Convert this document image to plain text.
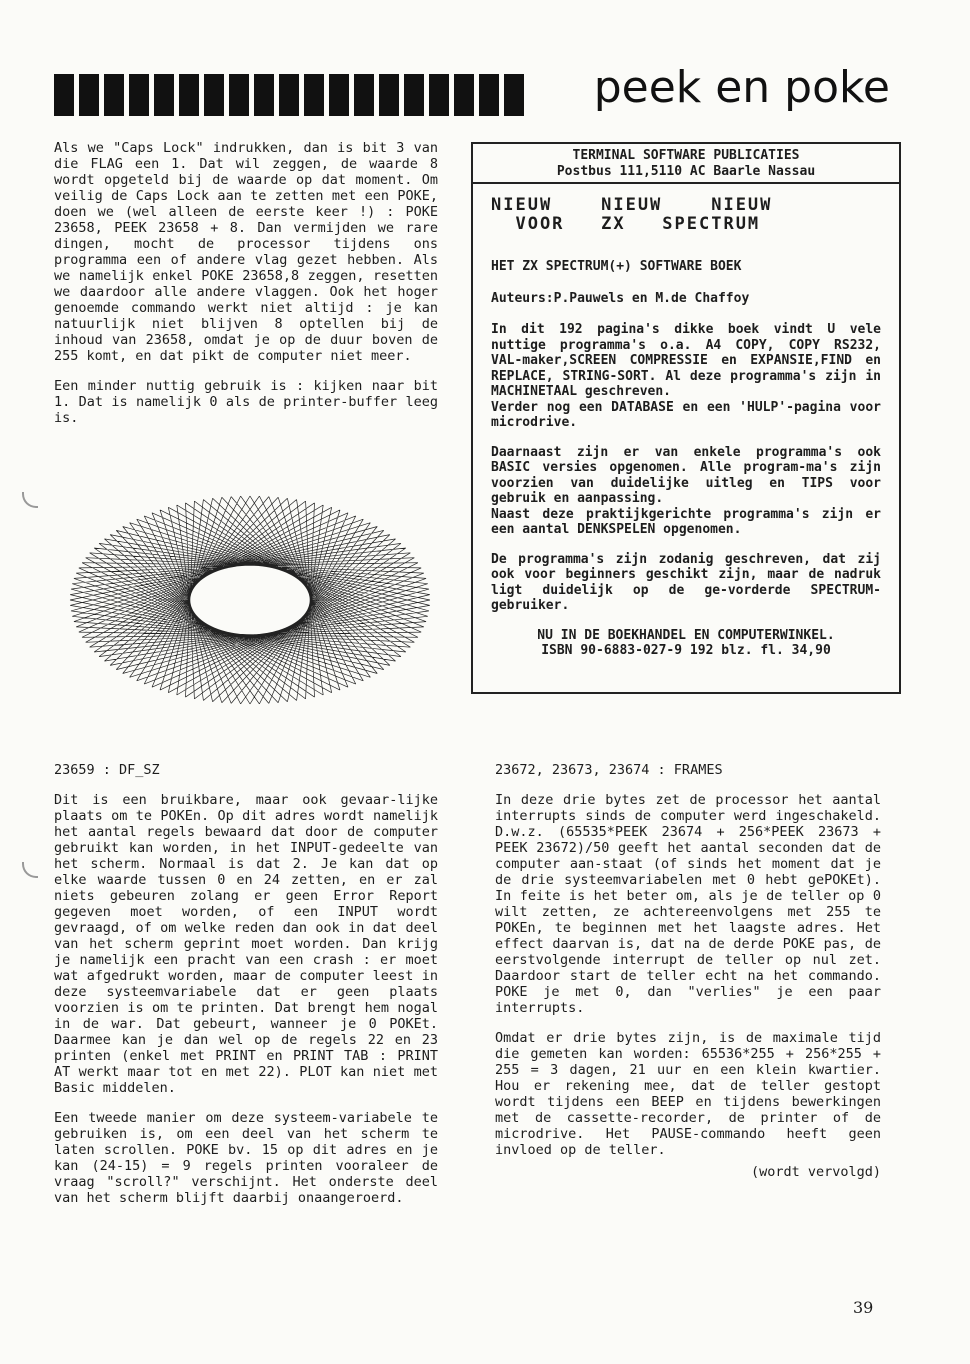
peek en poke

Als we "Caps Lock" indrukken, dan is bit 3 van die FLAG een 1. Dat wil zeggen, de waarde 8 wordt opgeteld bij de waarde op dat moment. Om veilig de Caps Lock aan te zetten met een POKE, doen we (wel alleen de eerste keer !) : POKE 23658, PEEK 23658 + 8. Dan vermijden we rare dingen, mocht de processor tijdens ons programma een of andere vlag gezet hebben. Als we namelijk enkel POKE 23658,8 zeggen, resetten we daardoor alle andere vlaggen. Ook het hoger genoemde commando werkt niet altijd : je kan natuurlijk niet blijven 8 optellen bij de inhoud van 23658, omdat je op de duur boven de 255 komt, en dat pikt de computer niet meer.

Een minder nuttig gebruik is : kijken naar bit 1. Dat is namelijk 0 als de printer-buffer leeg is.

TERMINAL SOFTWARE PUBLICATIES

Postbus 111,5110 AC Baarle Nassau

NIEUW    NIEUW    NIEUW
VOOR   ZX   SPECTRUM

HET ZX SPECTRUM(+) SOFTWARE BOEK

Auteurs:P.Pauwels en M.de Chaffoy

In dit 192 pagina's dikke boek vindt U vele nuttige programma's o.a. A4 COPY, COPY RS232, VAL-maker,SCREEN COMPRESSIE en EXPANSIE,FIND en REPLACE, STRING-SORT. Al deze programma's zijn in MACHINETAAL geschreven.

Verder nog een DATABASE en een 'HULP'-pagina voor microdrive.

Daarnaast zijn er van enkele programma's ook BASIC versies opgenomen. Alle program-ma's zijn voorzien van duidelijke uitleg en TIPS voor gebruik en aanpassing.

Naast deze praktijkgerichte programma's zijn er een aantal DENKSPELEN opgenomen.

De programma's zijn zodanig geschreven, dat zij ook voor beginners geschikt zijn, maar de nadruk ligt duidelijk op de ge-vorderde SPECTRUM-gebruiker.

NU IN DE BOEKHANDEL EN COMPUTERWINKEL.

ISBN 90-6883-027-9 192 blz. fl. 34,90

23659 : DF_SZ

Dit is een bruikbare, maar ook gevaar-lijke plaats om te POKEn. Op dit adres wordt namelijk het aantal regels bewaard dat door de computer gebruikt kan worden, in het INPUT-gedeelte van het scherm. Normaal is dat 2. Je kan dat op elke waarde tussen 0 en 24 zetten, en er zal niets gebeuren zolang er geen Error Report gegeven moet worden, of een INPUT wordt gevraagd, of om welke reden dan ook in dat deel van het scherm geprint moet worden. Dan krijg je namelijk een pracht van een crash : er moet wat afgedrukt worden, maar de computer leest in deze systeemvariabele dat er geen plaats voorzien is om te printen. Dat brengt hem nogal in de war. Dat gebeurt, wanneer je 0 POKEt. Daarmee kan je dan wel op de regels 22 en 23 printen (enkel met PRINT en PRINT TAB : PRINT AT werkt maar tot en met 22). PLOT kan niet met Basic middelen.

Een tweede manier om deze systeem-variabele te gebruiken is, om een deel van het scherm te laten scrollen. POKE bv. 15 op dit adres en je kan (24-15) = 9 regels printen vooraleer de vraag "scroll?" verschijnt. Het onderste deel van het scherm blijft daarbij onaangeroerd.

23672, 23673, 23674 : FRAMES

In deze drie bytes zet de processor het aantal interrupts sinds de computer werd ingeschakeld. D.w.z. (65535*PEEK 23674 + 256*PEEK 23673 + PEEK 23672)/50 geeft het aantal seconden dat de computer aan-staat (of sinds het moment dat je de drie systeemvariabelen met 0 hebt gePOKEt). In feite is het beter om, als je de teller op 0 wilt zetten, ze achtereenvolgens met 255 te POKEn, te beginnen met het laagste adres. Het effect daarvan is, dat na de derde POKE pas, de eerstvolgende interrupt de teller op nul zet. Daardoor start de teller echt na het commando. POKE je met 0, dan "verlies" je een paar interrupts.

Omdat er drie bytes zijn, is de maximale tijd die gemeten kan worden: 65536*255 + 256*255 + 255 = 3 dagen, 21 uur en een klein kwartier. Hou er rekening mee, dat de teller gestopt wordt tijdens een BEEP en tijdens bewerkingen met de cassette-recorder, de printer of de microdrive. Het PAUSE-commando heeft geen invloed op de teller.

(wordt vervolgd)

39
